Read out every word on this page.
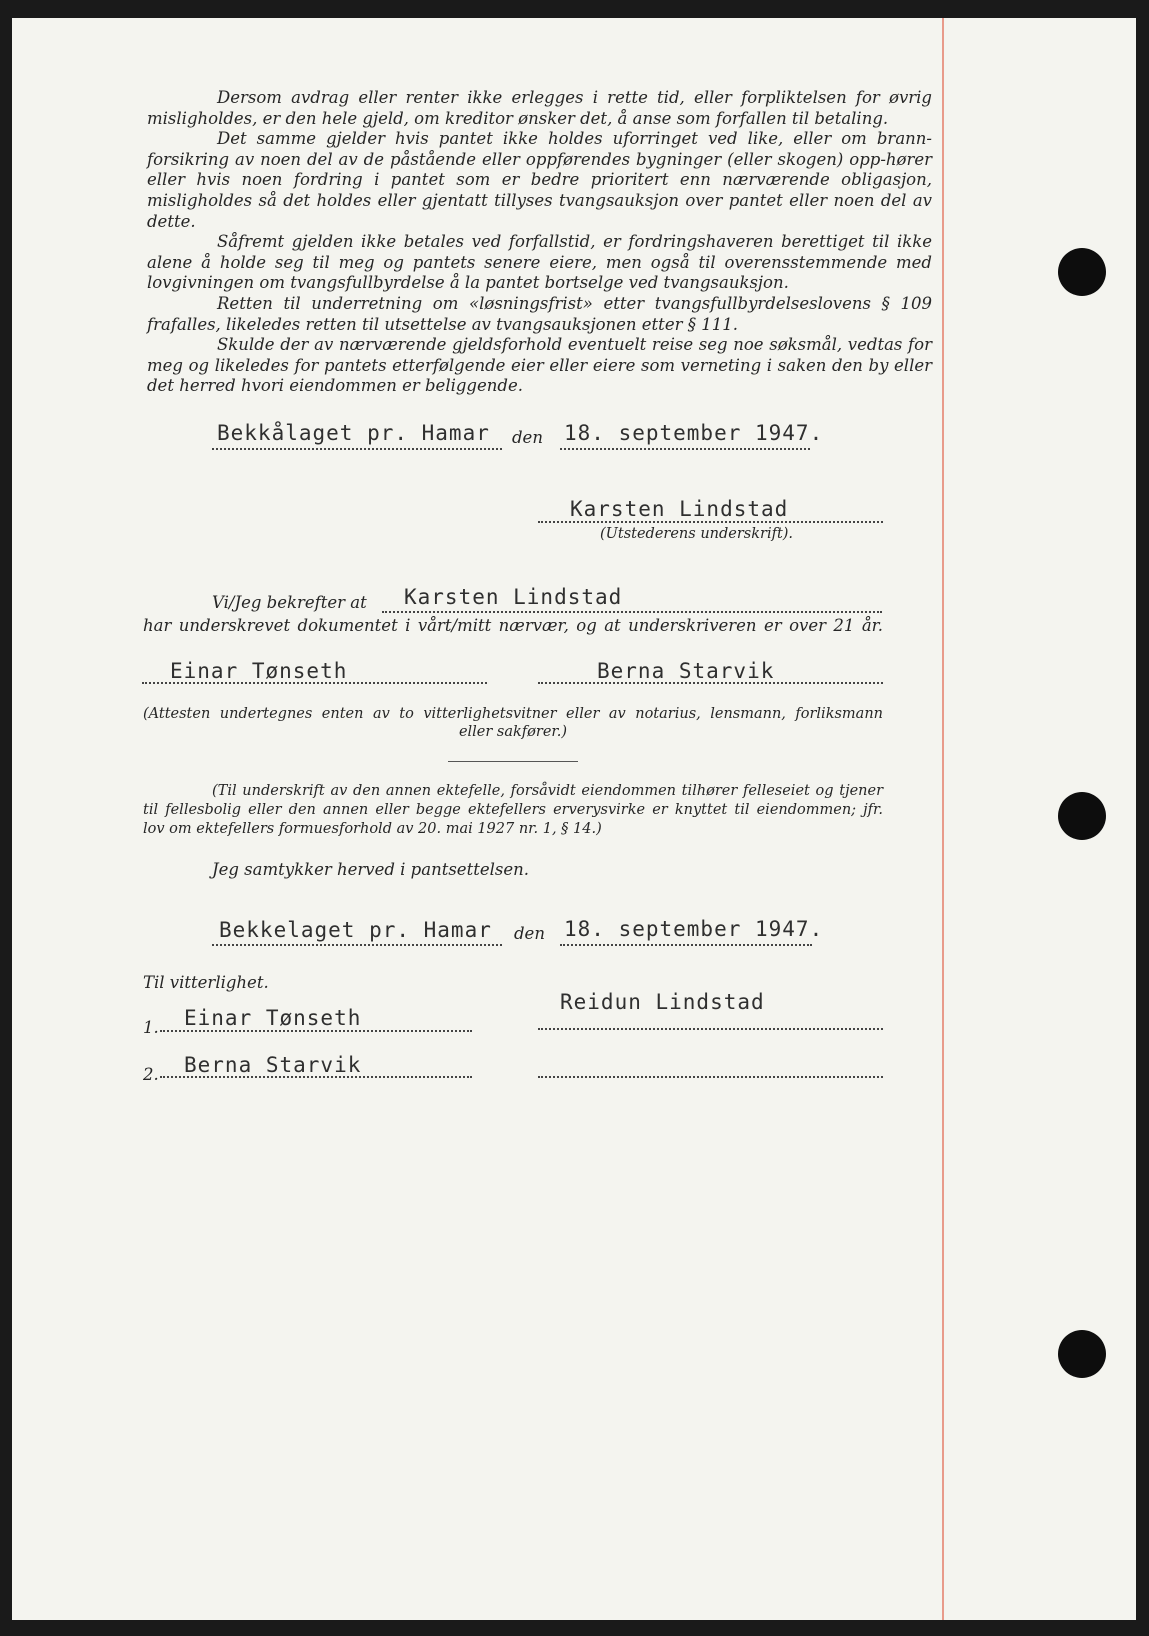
Dersom avdrag eller renter ikke erlegges i rette tid, eller forpliktelsen for øvrig misligholdes, er den hele gjeld, om kreditor ønsker det, å anse som forfallen til betaling.

Det samme gjelder hvis pantet ikke holdes uforringet ved like, eller om brann-forsikring av noen del av de påstående eller oppførendes bygninger (eller skogen) opp-hører eller hvis noen fordring i pantet som er bedre prioritert enn nærværende obligasjon, misligholdes så det holdes eller gjentatt tillyses tvangsauksjon over pantet eller noen del av dette.

Såfremt gjelden ikke betales ved forfallstid, er fordringshaveren berettiget til ikke alene å holde seg til meg og pantets senere eiere, men også til overensstemmende med lovgivningen om tvangsfullbyrdelse å la pantet bortselge ved tvangsauksjon.

Retten til underretning om «løsningsfrist» etter tvangsfullbyrdelseslovens § 109 frafalles, likeledes retten til utsettelse av tvangsauksjonen etter § 111.

Skulde der av nærværende gjeldsforhold eventuelt reise seg noe søksmål, vedtas for meg og likeledes for pantets etterfølgende eier eller eiere som verneting i saken den by eller det herred hvori eiendommen er beliggende.

Bekkålaget pr. Hamar den 18. september 1947.
Karsten Lindstad
(Utstederens underskrift).
Vi/Jeg bekrefter at Karsten Lindstad
har underskrevet dokumentet i vårt/mitt nærvær, og at underskriveren er over 21 år.
Einar Tønseth	Berna Starvik
(Attesten undertegnes enten av to vitterlighetsvitner eller av notarius, lensmann, forliksmann
eller sakfører.)
(Til underskrift av den annen ektefelle, forsåvidt eiendommen tilhører felleseiet og tjener
til fellesbolig eller den annen eller begge ektefellers erverysvirke er knyttet til eiendommen; jfr.
lov om ektefellers formuesforhold av 20. mai 1927 nr. 1, § 14.)
Jeg samtykker herved i pantsettelsen.
Bekkelaget pr. Hamar den 18. september 1947.
Til vitterlighet.
Reidun Lindstad
1. Einar Tønseth
2. Berna Starvik
